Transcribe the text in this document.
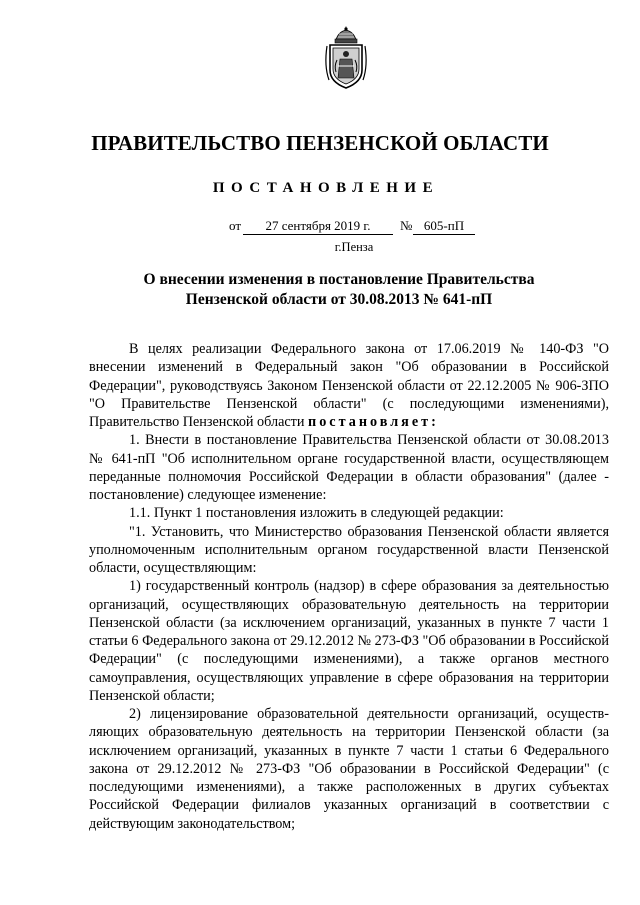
ПРАВИТЕЛЬСТВО ПЕНЗЕНСКОЙ ОБЛАСТИ
ПОСТАНОВЛЕНИЕ
от	27 сентября 2019 г.	№ 605-пП
г.Пенза
О внесении изменения в постановление Правительства
Пензенской области от 30.08.2013 № 641-пП

В целях реализации Федерального закона от 17.06.2019 № 140-ФЗ "О внесении изменений в Федеральный закон "Об образовании в Российской Федерации", руководствуясь Законом Пензенской области от 22.12.2005 № 906-ЗПО "О Правительстве Пензенской области" (с последующими изменениями), Правительство Пензенской области постановляет:

1. Внести в постановление Правительства Пензенской области от 30.08.2013 № 641-пП "Об исполнительном органе государственной власти, осуществляющем переданные полномочия Российской Федерации в области образования" (далее - постановление) следующее изменение:

1.1. Пункт 1 постановления изложить в следующей редакции:

"1. Установить, что Министерство образования Пензенской области является уполномоченным исполнительным органом государственной власти Пензенской области, осуществляющим:

1) государственный контроль (надзор) в сфере образования за деятельностью организаций, осуществляющих образовательную деятельность на территории Пензенской области (за исключением организаций, указанных в пункте 7 части 1 статьи 6 Федерального закона от 29.12.2012 № 273-ФЗ "Об образовании в Российской Федерации" (с последующими изменениями), а также органов местного самоуправления, осуществляющих управление в сфере образования на территории Пензенской области;

2) лицензирование образовательной деятельности организаций, осуществ-ляющих образовательную деятельность на территории Пензенской области (за исключением организаций, указанных в пункте 7 части 1 статьи 6 Федерального закона от 29.12.2012 № 273-ФЗ "Об образовании в Российской Федерации" (с последующими изменениями), а также расположенных в других субъектах Российской Федерации филиалов указанных организаций в соответствии с действующим законодательством;
